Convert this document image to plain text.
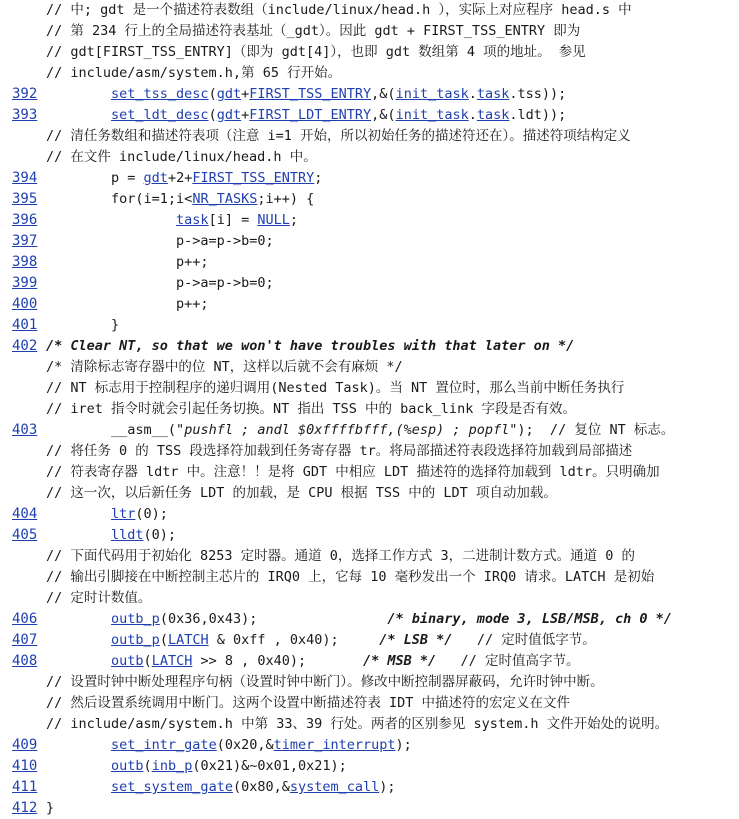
// 中; gdt 是一个描述符表数组（include/linux/head.h ），实际上对应程序 head.s 中
// 第 234 行上的全局描述符表基址（_gdt）。因此 gdt + FIRST_TSS_ENTRY 即为
// gdt[FIRST_TSS_ENTRY]（即为 gdt[4]），也即 gdt 数组第 4 项的地址。 参见
// include/asm/system.h,第 65 行开始。
392	set_tss_desc(gdt+FIRST_TSS_ENTRY,&(init_task.task.tss));
393	set_ldt_desc(gdt+FIRST_LDT_ENTRY,&(init_task.task.ldt));
// 清任务数组和描述符表项（注意 i=1 开始，所以初始任务的描述符还在）。描述符项结构定义
// 在文件 include/linux/head.h 中。
394	p = gdt+2+FIRST_TSS_ENTRY;
395	for(i=1;i<NR_TASKS;i++) {
396	task[i] = NULL;
397	p->a=p->b=0;
398	p++;
399	p->a=p->b=0;
400	p++;
401	}
402 /* Clear NT, so that we won't have troubles with that later on */
/* 清除标志寄存器中的位 NT，这样以后就不会有麻烦 */
// NT 标志用于控制程序的递归调用(Nested Task)。当 NT 置位时，那么当前中断任务执行
// iret 指令时就会引起任务切换。NT 指出 TSS 中的 back_link 字段是否有效。
403	__asm__("pushfl ; andl $0xffffbfff,(%esp) ; popfl");  // 复位 NT 标志。
// 将任务 0 的 TSS 段选择符加载到任务寄存器 tr。将局部描述符表段选择符加载到局部描述
// 符表寄存器 ldtr 中。注意！！是将 GDT 中相应 LDT 描述符的选择符加载到 ldtr。只明确加
// 这一次，以后新任务 LDT 的加载，是 CPU 根据 TSS 中的 LDT 项自动加载。
404	ltr(0);
405	lldt(0);
// 下面代码用于初始化 8253 定时器。通道 0，选择工作方式 3，二进制计数方式。通道 0 的
// 输出引脚接在中断控制主芯片的 IRQ0 上，它每 10 毫秒发出一个 IRQ0 请求。LATCH 是初始
// 定时计数值。
406	outb_p(0x36,0x43);                /* binary, mode 3, LSB/MSB, ch 0 */
407	outb_p(LATCH & 0xff , 0x40);     /* LSB */   // 定时值低字节。
408	outb(LATCH >> 8 , 0x40);       /* MSB */   // 定时值高字节。
// 设置时钟中断处理程序句柄（设置时钟中断门）。修改中断控制器屏蔽码，允许时钟中断。
// 然后设置系统调用中断门。这两个设置中断描述符表 IDT 中描述符的宏定义在文件
// include/asm/system.h 中第 33、39 行处。两者的区别参见 system.h 文件开始处的说明。
409	set_intr_gate(0x20,&timer_interrupt);
410	outb(inb_p(0x21)&~0x01,0x21);
411	set_system_gate(0x80,&system_call);
412 }
